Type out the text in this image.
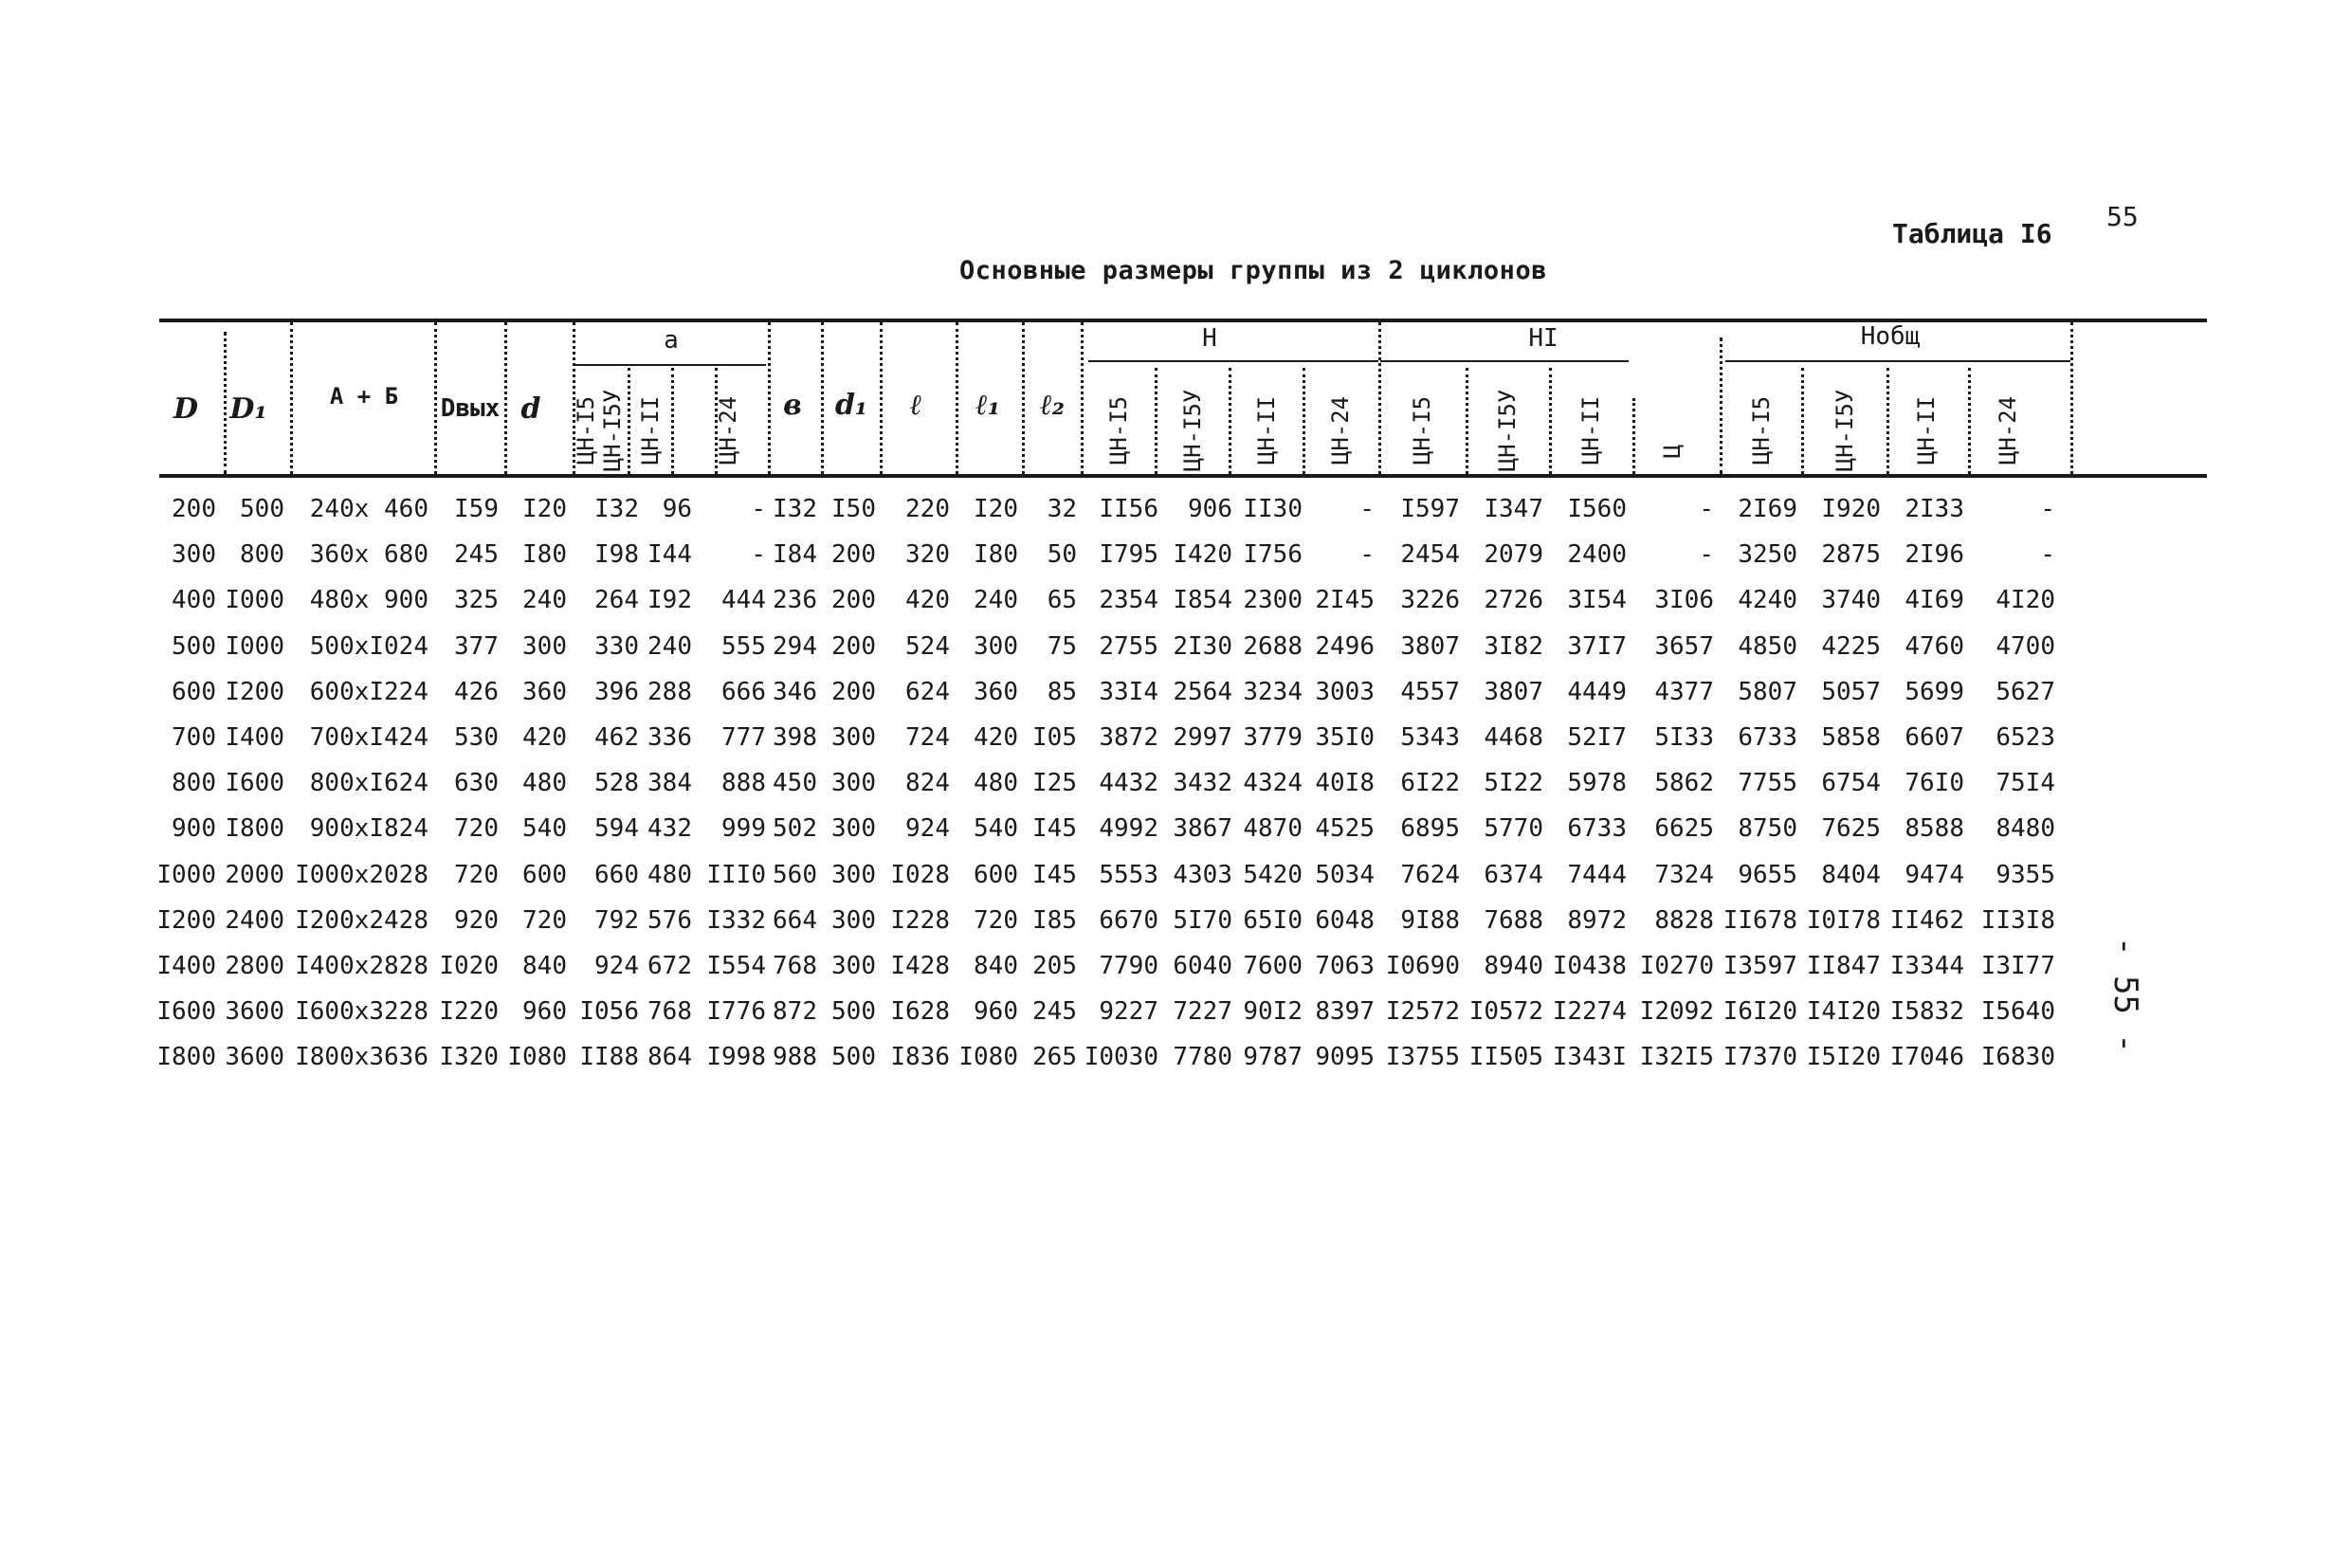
55
Таблица I6
Основные размеры группы из 2 циклонов
- 55 -
D D₁	А + Б Dвых d
а
в d₁ ℓ ℓ₁ ℓ₂
Н	НI	Нобщ
ЦН-I5 ЦН-I5У ЦН-II ЦН-24	ЦН-I5 ЦН-I5У ЦН-II ЦН-24 ЦН-I5	ЦН-I5У	ЦН-II Ц	ЦН-I5	ЦН-I5У ЦН-II ЦН-24
200 500 240x 460 I59 I20 I32 96 - I32 I50 220 I20 32 II56 906 II30 - I597 I347 I560	- 2I69 I920 2I33	-
300 800 360x 680 245 I80 I98 I44 - I84 200 320 I80 50 I795 I420 I756 - 2454 2079 2400	- 3250 2875 2I96	-
400 I000 480x 900 325 240 264 I92 444 236 200 420 240 65 2354 I854 2300 2I45 3226 2726 3I54 3I06 4240 3740 4I69 4I20
500 I000 500xI024 377 300 330 240 555 294 200 524 300 75 2755 2I30 2688 2496 3807 3I82 37I7 3657 4850 4225 4760 4700
600 I200 600xI224 426 360 396 288 666 346 200 624 360 85 33I4 2564 3234 3003 4557 3807 4449 4377 5807 5057 5699 5627
700 I400 700xI424 530 420 462 336 777 398 300 724 420 I05 3872 2997 3779 35I0 5343 4468 52I7 5I33 6733 5858 6607 6523
800 I600 800xI624 630 480 528 384 888 450 300 824 480 I25 4432 3432 4324 40I8 6I22 5I22 5978 5862 7755 6754 76I0 75I4
900 I800 900xI824 720 540 594 432 999 502 300 924 540 I45 4992 3867 4870 4525 6895 5770 6733 6625 8750 7625 8588 8480
I000 2000 I000x2028 720 600 660 480 III0 560 300 I028 600 I45 5553 4303 5420 5034 7624 6374 7444 7324 9655 8404 9474 9355
I200 2400 I200x2428 920 720 792 576 I332 664 300 I228 720 I85 6670 5I70 65I0 6048 9I88 7688 8972 8828 II678 I0I78 II462 II3I8
I400 2800 I400x2828 I020 840 924 672 I554 768 300 I428 840 205 7790 6040 7600 7063 I0690 8940 I0438 I0270 I3597 II847 I3344 I3I77
I600 3600 I600x3228 I220 960 I056 768 I776 872 500 I628 960 245 9227 7227 90I2 8397 I2572 I0572 I2274 I2092 I6I20 I4I20 I5832 I5640
I800 3600 I800x3636 I320 I080 II88 864 I998 988 500 I836 I080 265 I0030 7780 9787 9095 I3755 II505 I343I I32I5 I7370 I5I20 I7046 I6830
